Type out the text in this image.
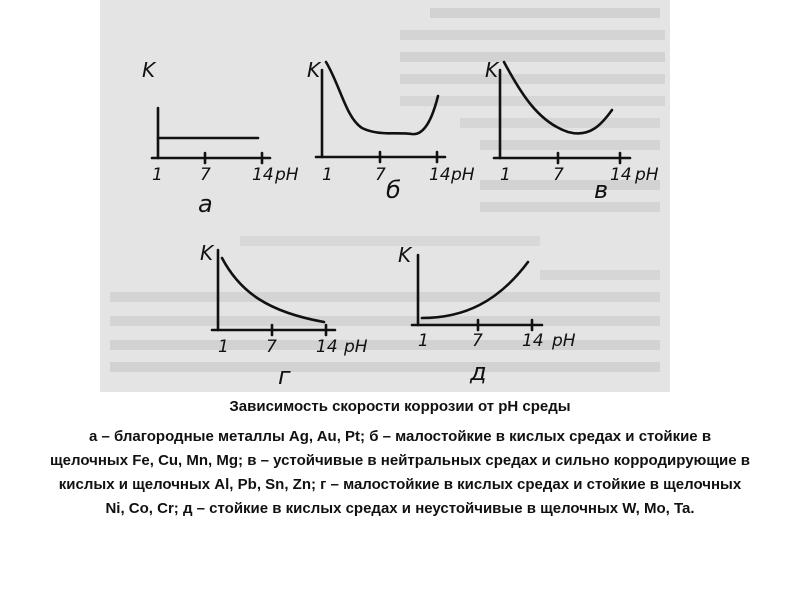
K
1 7 14 pH
а
K
1 7	14 pH
б
K
1 7	14 pH
в
K
1 7 14 pH
г
K
1	7 14 pH
д

Зависимость скорости коррозии от рН среды

а – благородные металлы Ag, Au, Pt; б – малостойкие в кислых средах и стойкие в щелочных Fe, Cu, Mn, Mg; в – устойчивые в нейтральных средах и сильно корродирующие в кислых и щелочных Al, Pb, Sn, Zn; г – малостойкие в кислых средах и стойкие в щелочных Ni, Co, Cr; д – стойкие в кислых средах и неустойчивые в щелочных W, Mo, Ta.
